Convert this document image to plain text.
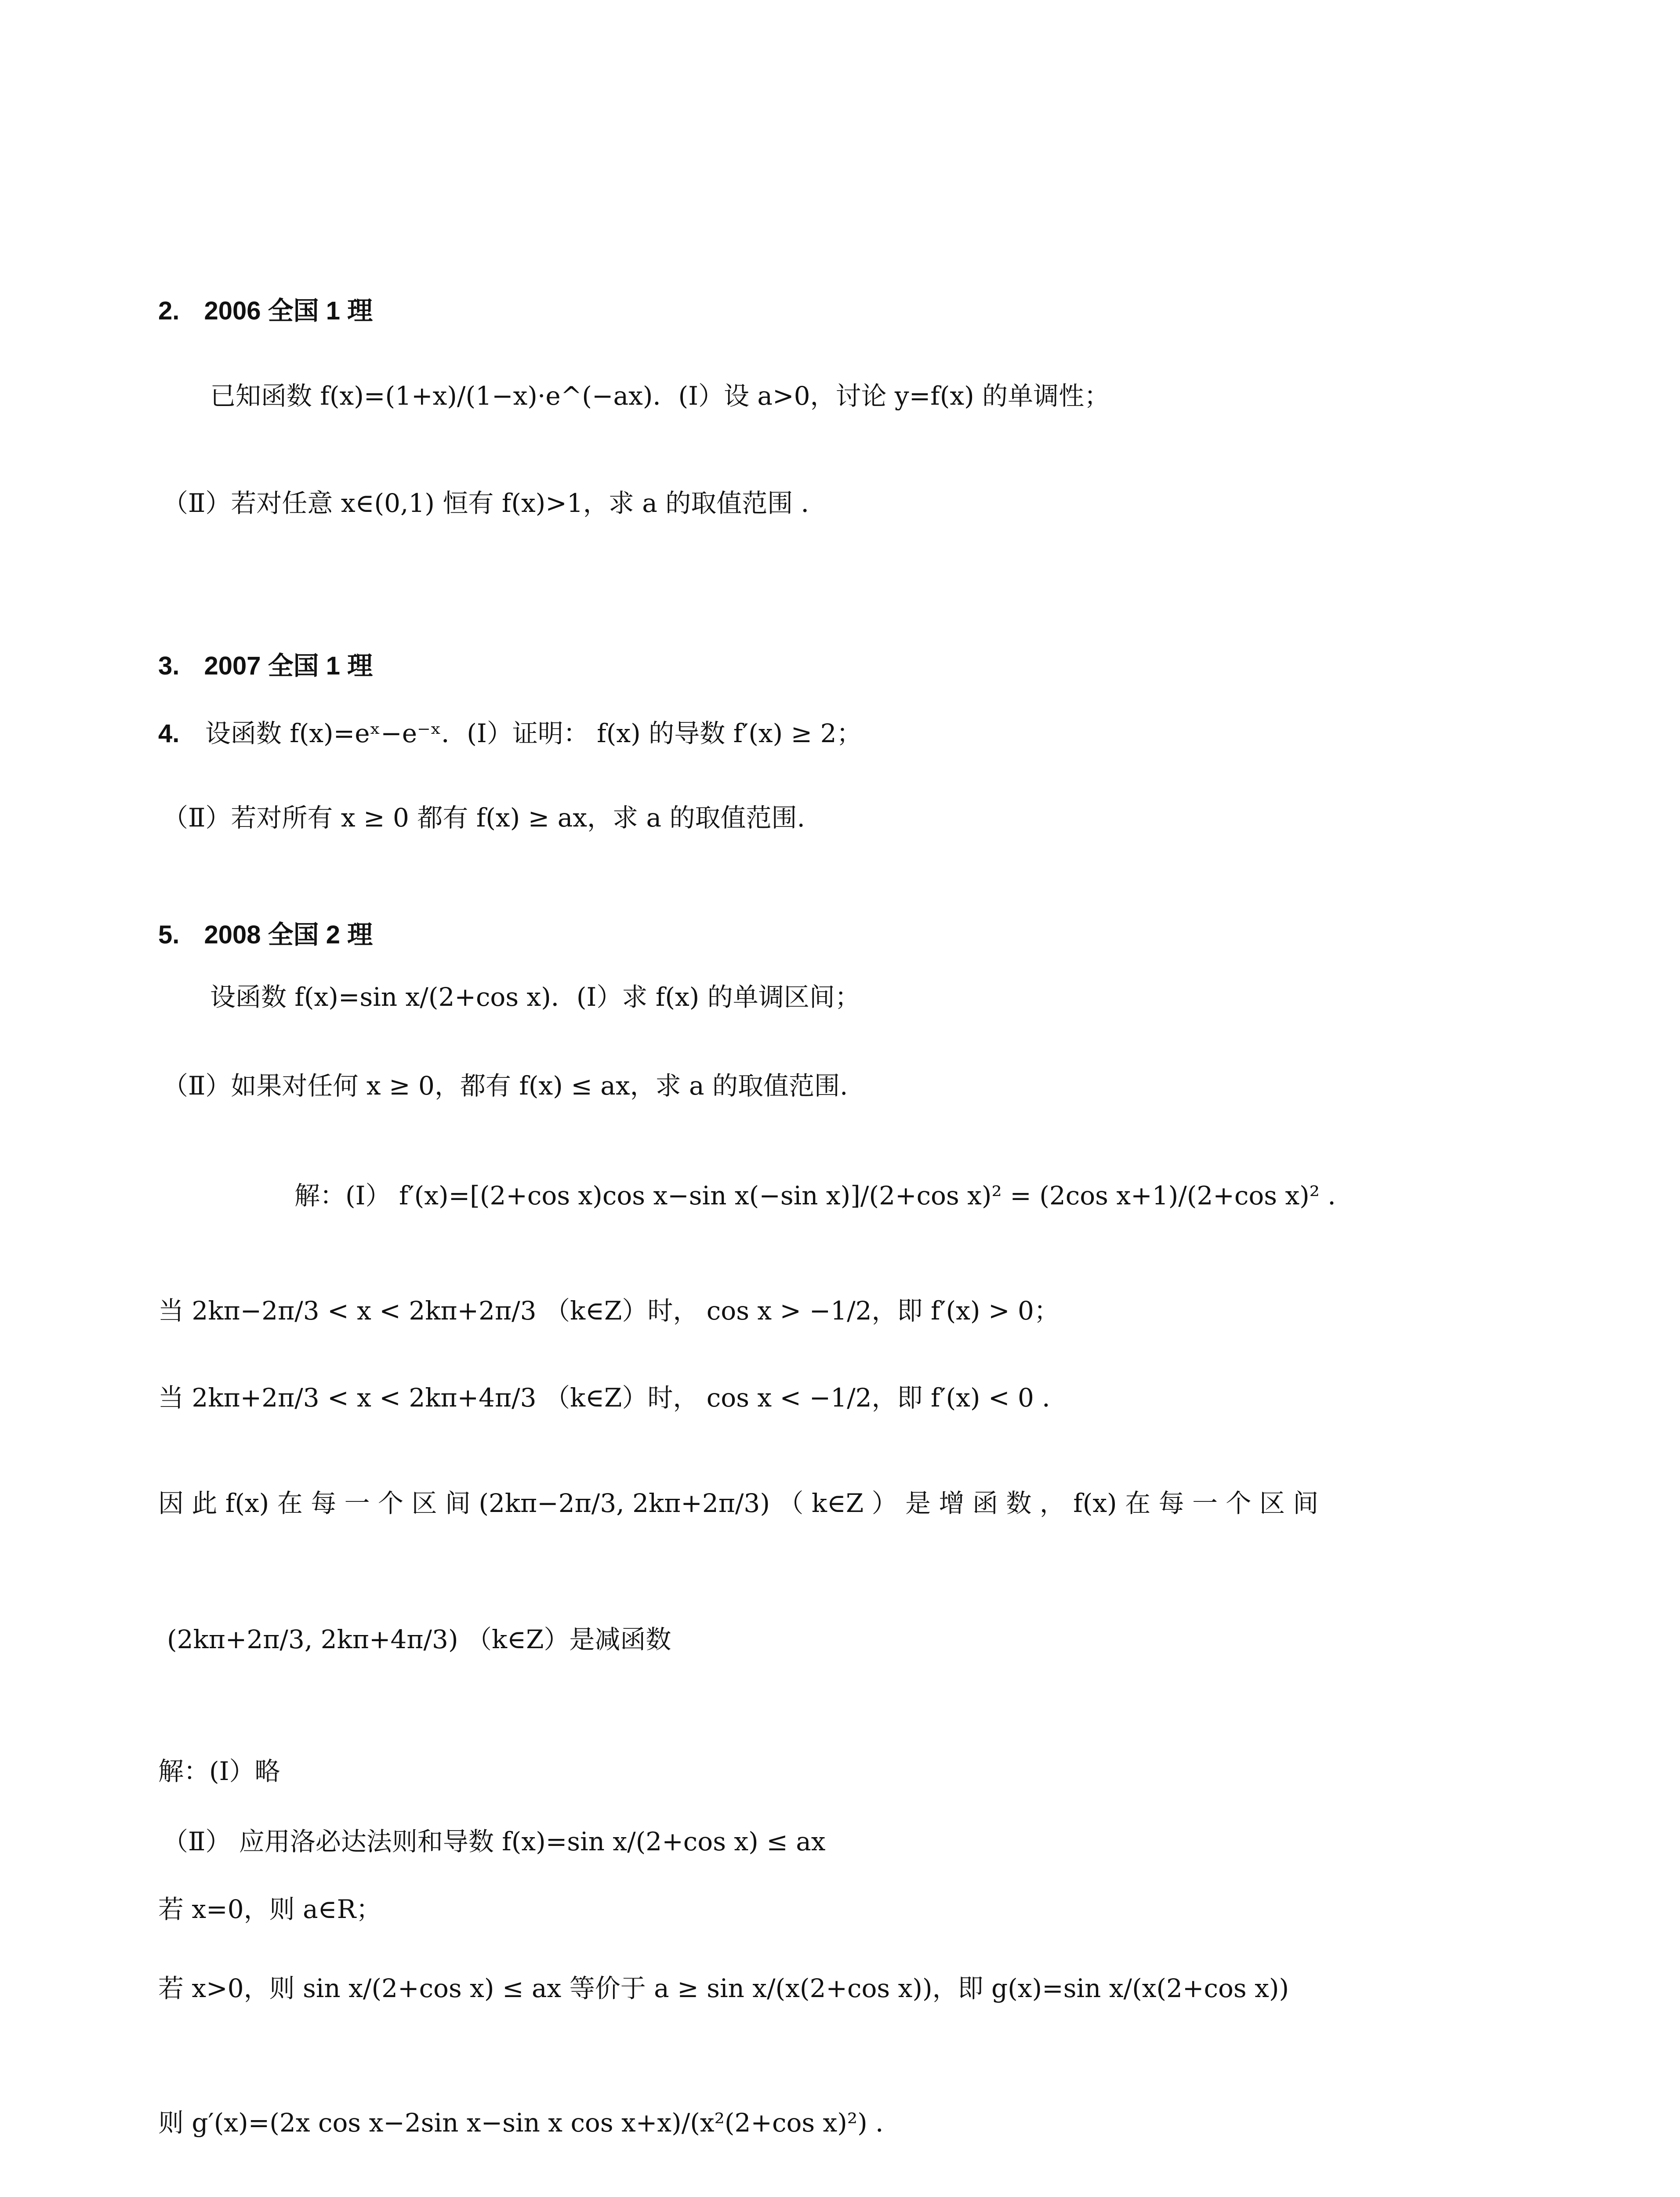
2. 2006 全国 1 理
已知函数 f(x)=(1+x)/(1−x)·e^(−ax)．(Ⅰ）设 a>0，讨论 y=f(x) 的单调性；
（Ⅱ）若对任意 x∈(0,1) 恒有 f(x)>1，求 a 的取值范围 ．
3. 2007 全国 1 理
4. 设函数 f(x)=eˣ−e⁻ˣ．(Ⅰ）证明： f(x) 的导数 f′(x) ≥ 2；
（Ⅱ）若对所有 x ≥ 0 都有 f(x) ≥ ax，求 a 的取值范围.
5. 2008 全国 2 理
设函数 f(x)=sin x/(2+cos x)．(Ⅰ）求 f(x) 的单调区间；
（Ⅱ）如果对任何 x ≥ 0，都有 f(x) ≤ ax，求 a 的取值范围.
解：(Ⅰ） f′(x)=[(2+cos x)cos x−sin x(−sin x)]/(2+cos x)² = (2cos x+1)/(2+cos x)² ．
当 2kπ−2π/3 < x < 2kπ+2π/3 （k∈Z）时， cos x > −1/2，即 f′(x) > 0；
当 2kπ+2π/3 < x < 2kπ+4π/3 （k∈Z）时， cos x < −1/2，即 f′(x) < 0 ．
因 此 f(x) 在 每 一 个 区 间 (2kπ−2π/3, 2kπ+2π/3) （ k∈Z ） 是 增 函 数 ， f(x) 在 每 一 个 区 间
(2kπ+2π/3, 2kπ+4π/3) （k∈Z）是减函数
解：(Ⅰ）略
（Ⅱ） 应用洛必达法则和导数 f(x)=sin x/(2+cos x) ≤ ax
若 x=0，则 a∈R；
若 x>0，则 sin x/(2+cos x) ≤ ax 等价于 a ≥ sin x/(x(2+cos x))，即 g(x)=sin x/(x(2+cos x))
则 g′(x)=(2x cos x−2sin x−sin x cos x+x)/(x²(2+cos x)²) ．
